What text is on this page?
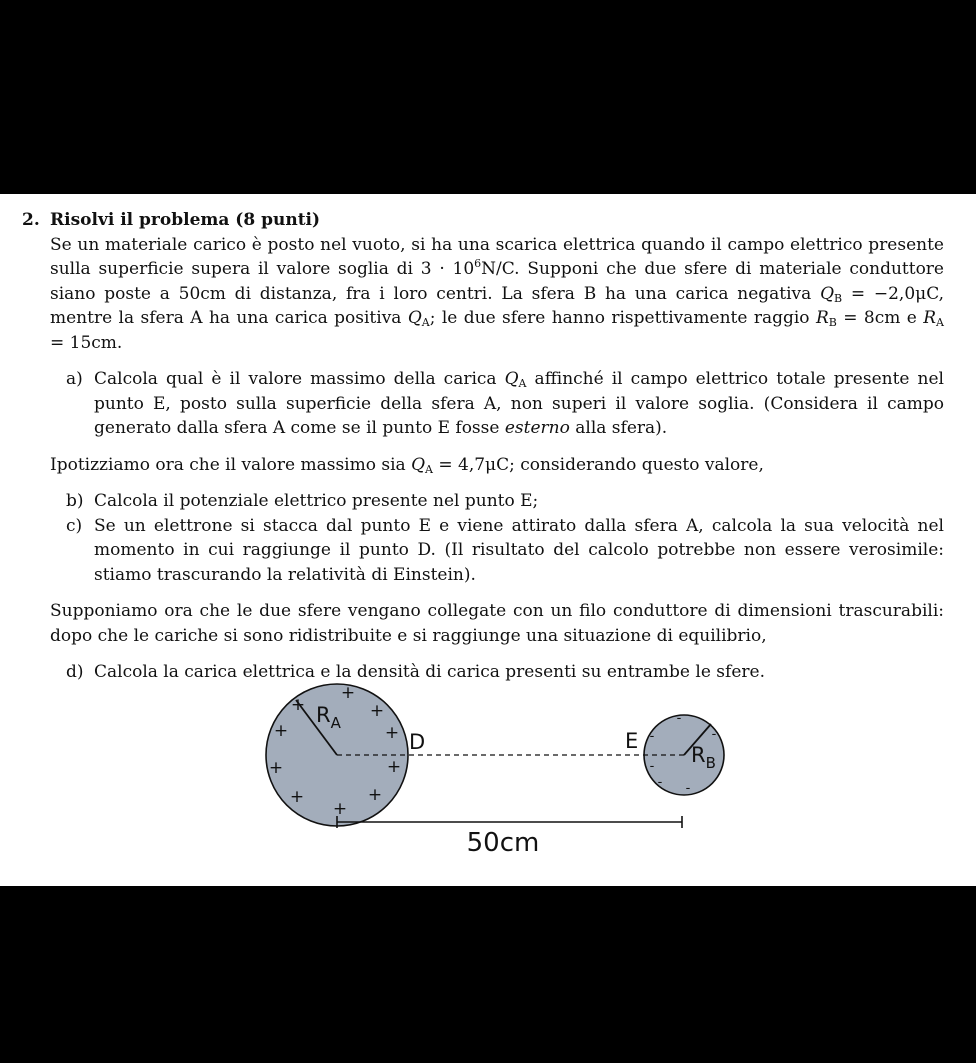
2. Risolvi il problema (8 punti)

Se un materiale carico è posto nel vuoto, si ha una scarica elettrica quando il campo elettrico presente sulla superficie supera il valore soglia di $3 \cdot 10^6N/C$. Supponi che due sfere di materiale conduttore siano poste a 50cm di distanza, fra i loro centri. La sfera B ha una carica negativa $Q_B = -2,0\mu C$, mentre la sfera A ha una carica positiva $Q_A$; le due sfere hanno rispettivamente raggio $R_B = 8cm$ e $R_A = 15cm$.

a) Calcola qual è il valore massimo della carica $Q_A$ affinché il campo elettrico totale presente nel punto E, posto sulla superficie della sfera A, non superi il valore soglia. (Considera il campo generato dalla sfera A come se il punto E fosse esterno alla sfera).

Ipotizziamo ora che il valore massimo sia $Q_A = 4,7\mu C$; considerando questo valore,

b) Calcola il potenziale elettrico presente nel punto E;

c) Se un elettrone si stacca dal punto E e viene attirato dalla sfera A, calcola la sua velocità nel momento in cui raggiunge il punto D. (Il risultato del calcolo potrebbe non essere verosimile: stiamo trascurando la relatività di Einstein).

Supponiamo ora che le due sfere vengano collegate con un filo conduttore di dimensioni trascurabili: dopo che le cariche si sono ridistribuite e si raggiunge una situazione di equilibrio,

d) Calcola la carica elettrica e la densità di carica presenti su entrambe le sfere.

+
+	+
+	+
+	+
+	+
+
-
-	-
-
- -
$R_A$
$R_B$
D	E
50cm
